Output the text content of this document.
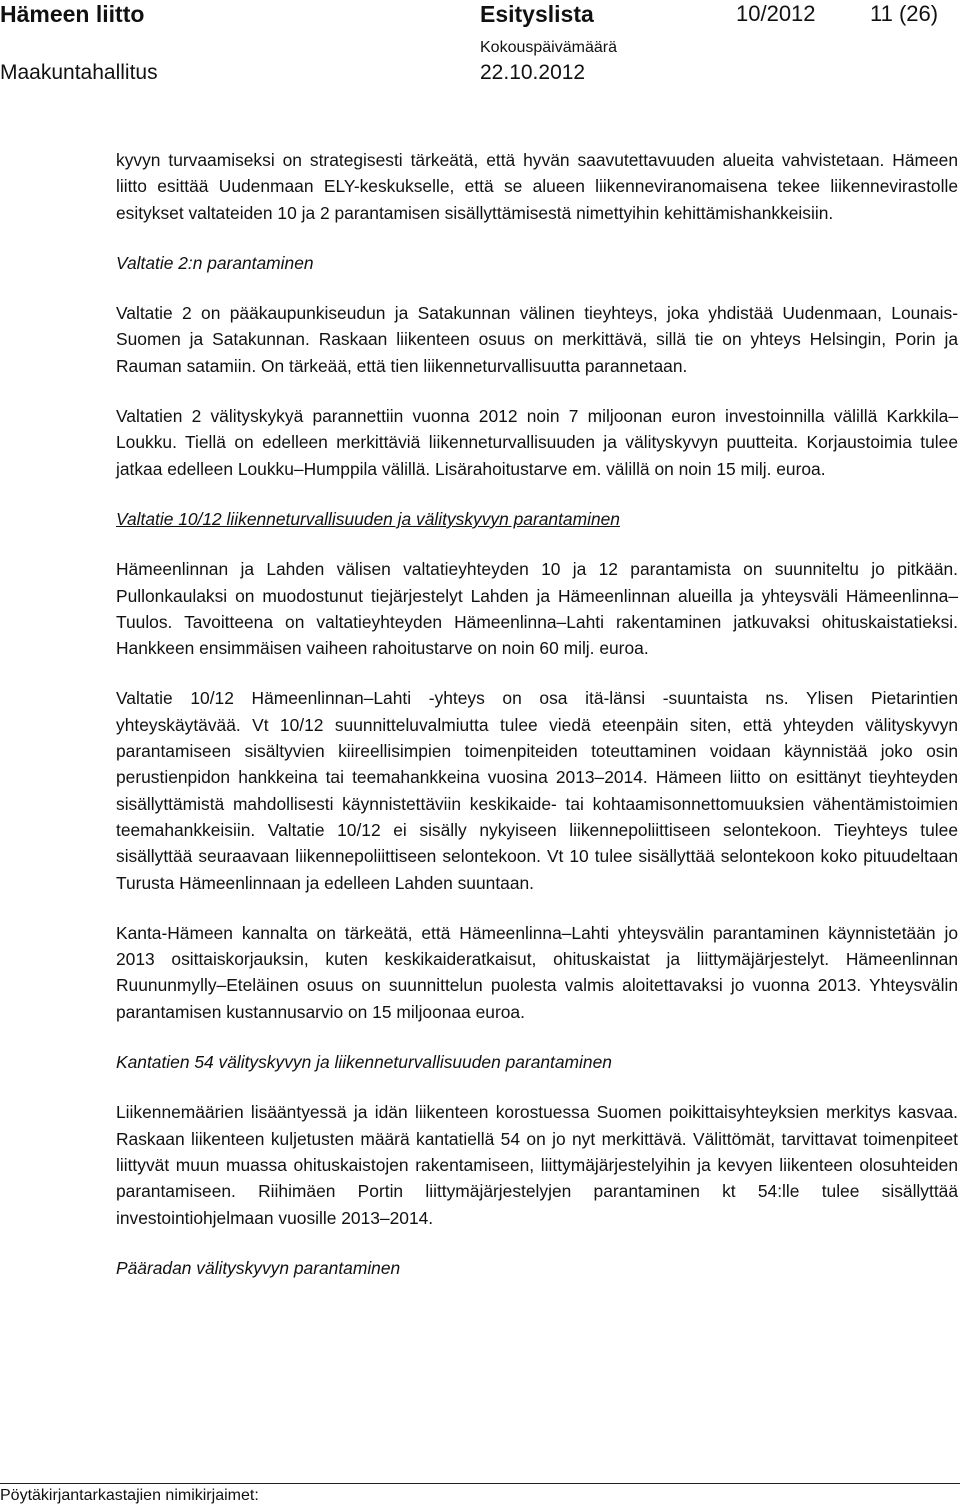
Hämeen liitto	Esityslista	10/2012 11 (26)
Kokouspäivämäärä
Maakuntahallitus	22.10.2012

kyvyn turvaamiseksi on strategisesti tärkeätä, että hyvän saavutettavuuden alueita vahvistetaan. Hämeen liitto esittää Uudenmaan ELY-keskukselle, että se alueen liikenneviranomaisena tekee liikennevirastolle esitykset valtateiden 10 ja 2 parantamisen sisällyttämisestä nimettyihin kehittämishankkeisiin.

Valtatie 2:n parantaminen

Valtatie 2 on pääkaupunkiseudun ja Satakunnan välinen tieyhteys, joka yhdistää Uudenmaan, Lounais-Suomen ja Satakunnan. Raskaan liikenteen osuus on merkittävä, sillä tie on yhteys Helsingin, Porin ja Rauman satamiin. On tärkeää, että tien liikenneturvallisuutta parannetaan.

Valtatien 2 välityskykyä parannettiin vuonna 2012 noin 7 miljoonan euron investoinnilla välillä Karkkila–Loukku. Tiellä on edelleen merkittäviä liikenneturvallisuuden ja välityskyvyn puutteita. Korjaustoimia tulee jatkaa edelleen Loukku–Humppila välillä. Lisärahoitustarve em. välillä on noin 15 milj. euroa.

Valtatie 10/12 liikenneturvallisuuden ja välityskyvyn parantaminen

Hämeenlinnan ja Lahden välisen valtatieyhteyden 10 ja 12 parantamista on suunniteltu jo pitkään. Pullonkaulaksi on muodostunut tiejärjestelyt Lahden ja Hämeenlinnan alueilla ja yhteysväli Hämeenlinna–Tuulos. Tavoitteena on valtatieyhteyden Hämeenlinna–Lahti rakentaminen jatkuvaksi ohituskaistatieksi. Hankkeen ensimmäisen vaiheen rahoitustarve on noin 60 milj. euroa.

Valtatie 10/12 Hämeenlinnan–Lahti -yhteys on osa itä-länsi -suuntaista ns. Ylisen Pietarintien yhteyskäytävää. Vt 10/12 suunnitteluvalmiutta tulee viedä eteenpäin siten, että yhteyden välityskyvyn parantamiseen sisältyvien kiireellisimpien toimenpiteiden toteuttaminen voidaan käynnistää joko osin perustienpidon hankkeina tai teemahankkeina vuosina 2013–2014. Hämeen liitto on esittänyt tieyhteyden sisällyttämistä mahdollisesti käynnistettäviin keskikaide- tai kohtaamisonnettomuuksien vähentämistoimien teemahankkeisiin. Valtatie 10/12 ei sisälly nykyiseen liikennepoliittiseen selontekoon. Tieyhteys tulee sisällyttää seuraavaan liikennepoliittiseen selontekoon. Vt 10 tulee sisällyttää selontekoon koko pituudeltaan Turusta Hämeenlinnaan ja edelleen Lahden suuntaan.

Kanta-Hämeen kannalta on tärkeätä, että Hämeenlinna–Lahti yhteysvälin parantaminen käynnistetään jo 2013 osittaiskorjauksin, kuten keskikaideratkaisut, ohituskaistat ja liittymäjärjestelyt. Hämeenlinnan Ruununmylly–Eteläinen osuus on suunnittelun puolesta valmis aloitettavaksi jo vuonna 2013. Yhteysvälin parantamisen kustannusarvio on 15 miljoonaa euroa.

Kantatien 54 välityskyvyn ja liikenneturvallisuuden parantaminen

Liikennemäärien lisääntyessä ja idän liikenteen korostuessa Suomen poikittaisyhteyksien merkitys kasvaa. Raskaan liikenteen kuljetusten määrä kantatiellä 54 on jo nyt merkittävä. Välittömät, tarvittavat toimenpiteet liittyvät muun muassa ohituskaistojen rakentamiseen, liittymäjärjestelyihin ja kevyen liikenteen olosuhteiden parantamiseen. Riihimäen Portin liittymäjärjestelyjen parantaminen kt 54:lle tulee sisällyttää investointiohjelmaan vuosille 2013–2014.

Pääradan välityskyvyn parantaminen

Pöytäkirjantarkastajien nimikirjaimet:
